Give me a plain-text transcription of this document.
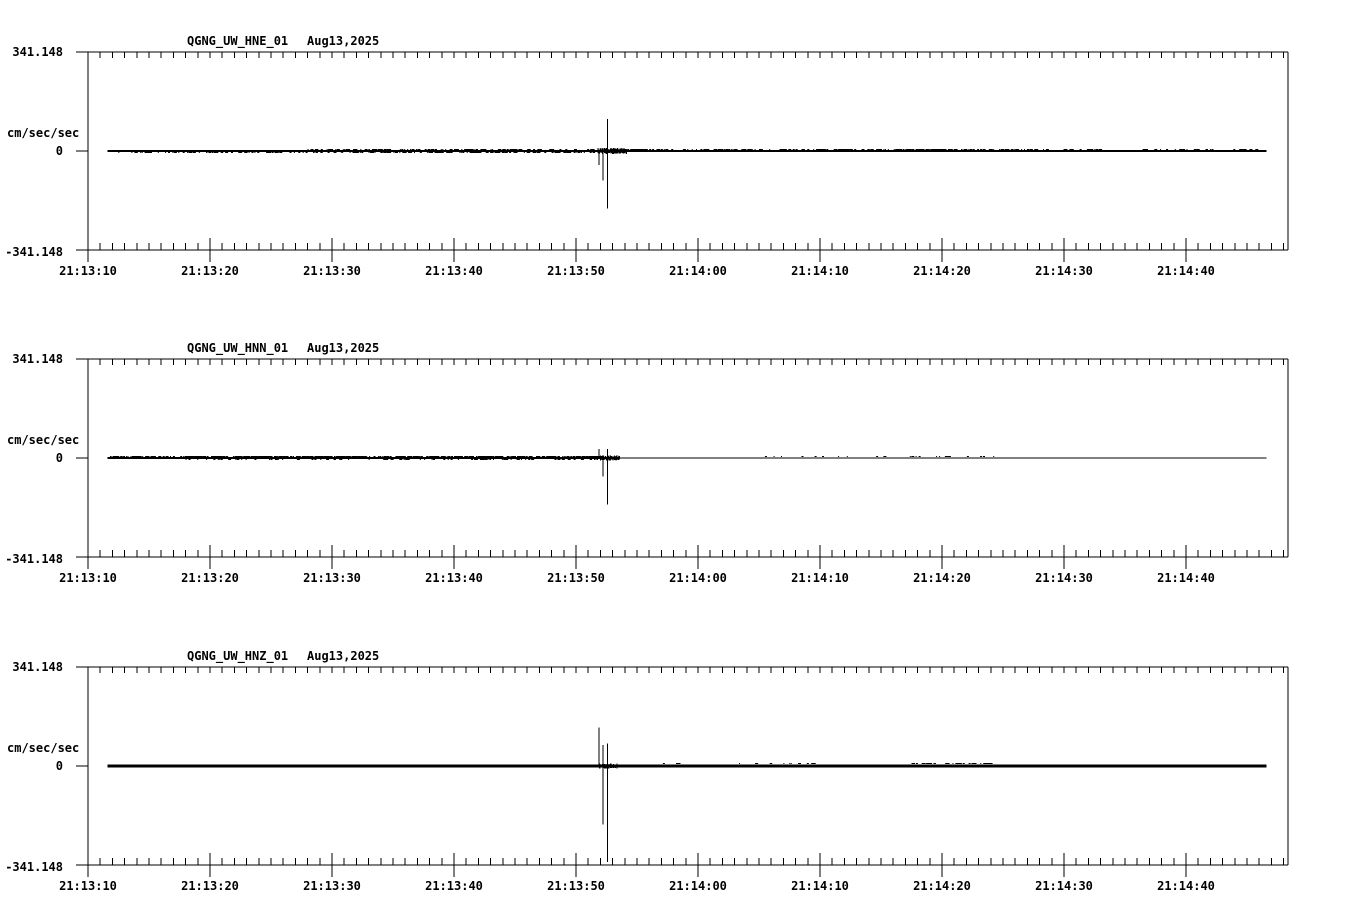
QGNG_UW_HNE_01 Aug13,2025
341.148
cm/sec/sec
0
-341.148
21:13:10	21:13:20	21:13:30	21:13:40	21:13:50	21:14:00	21:14:10	21:14:20	21:14:30	21:14:40
QGNG_UW_HNN_01 Aug13,2025
341.148
cm/sec/sec
0
-341.148
21:13:10	21:13:20	21:13:30	21:13:40	21:13:50	21:14:00	21:14:10	21:14:20	21:14:30	21:14:40
QGNG_UW_HNZ_01 Aug13,2025
341.148
cm/sec/sec
0
-341.148
21:13:10	21:13:20	21:13:30	21:13:40	21:13:50	21:14:00	21:14:10	21:14:20	21:14:30	21:14:40
